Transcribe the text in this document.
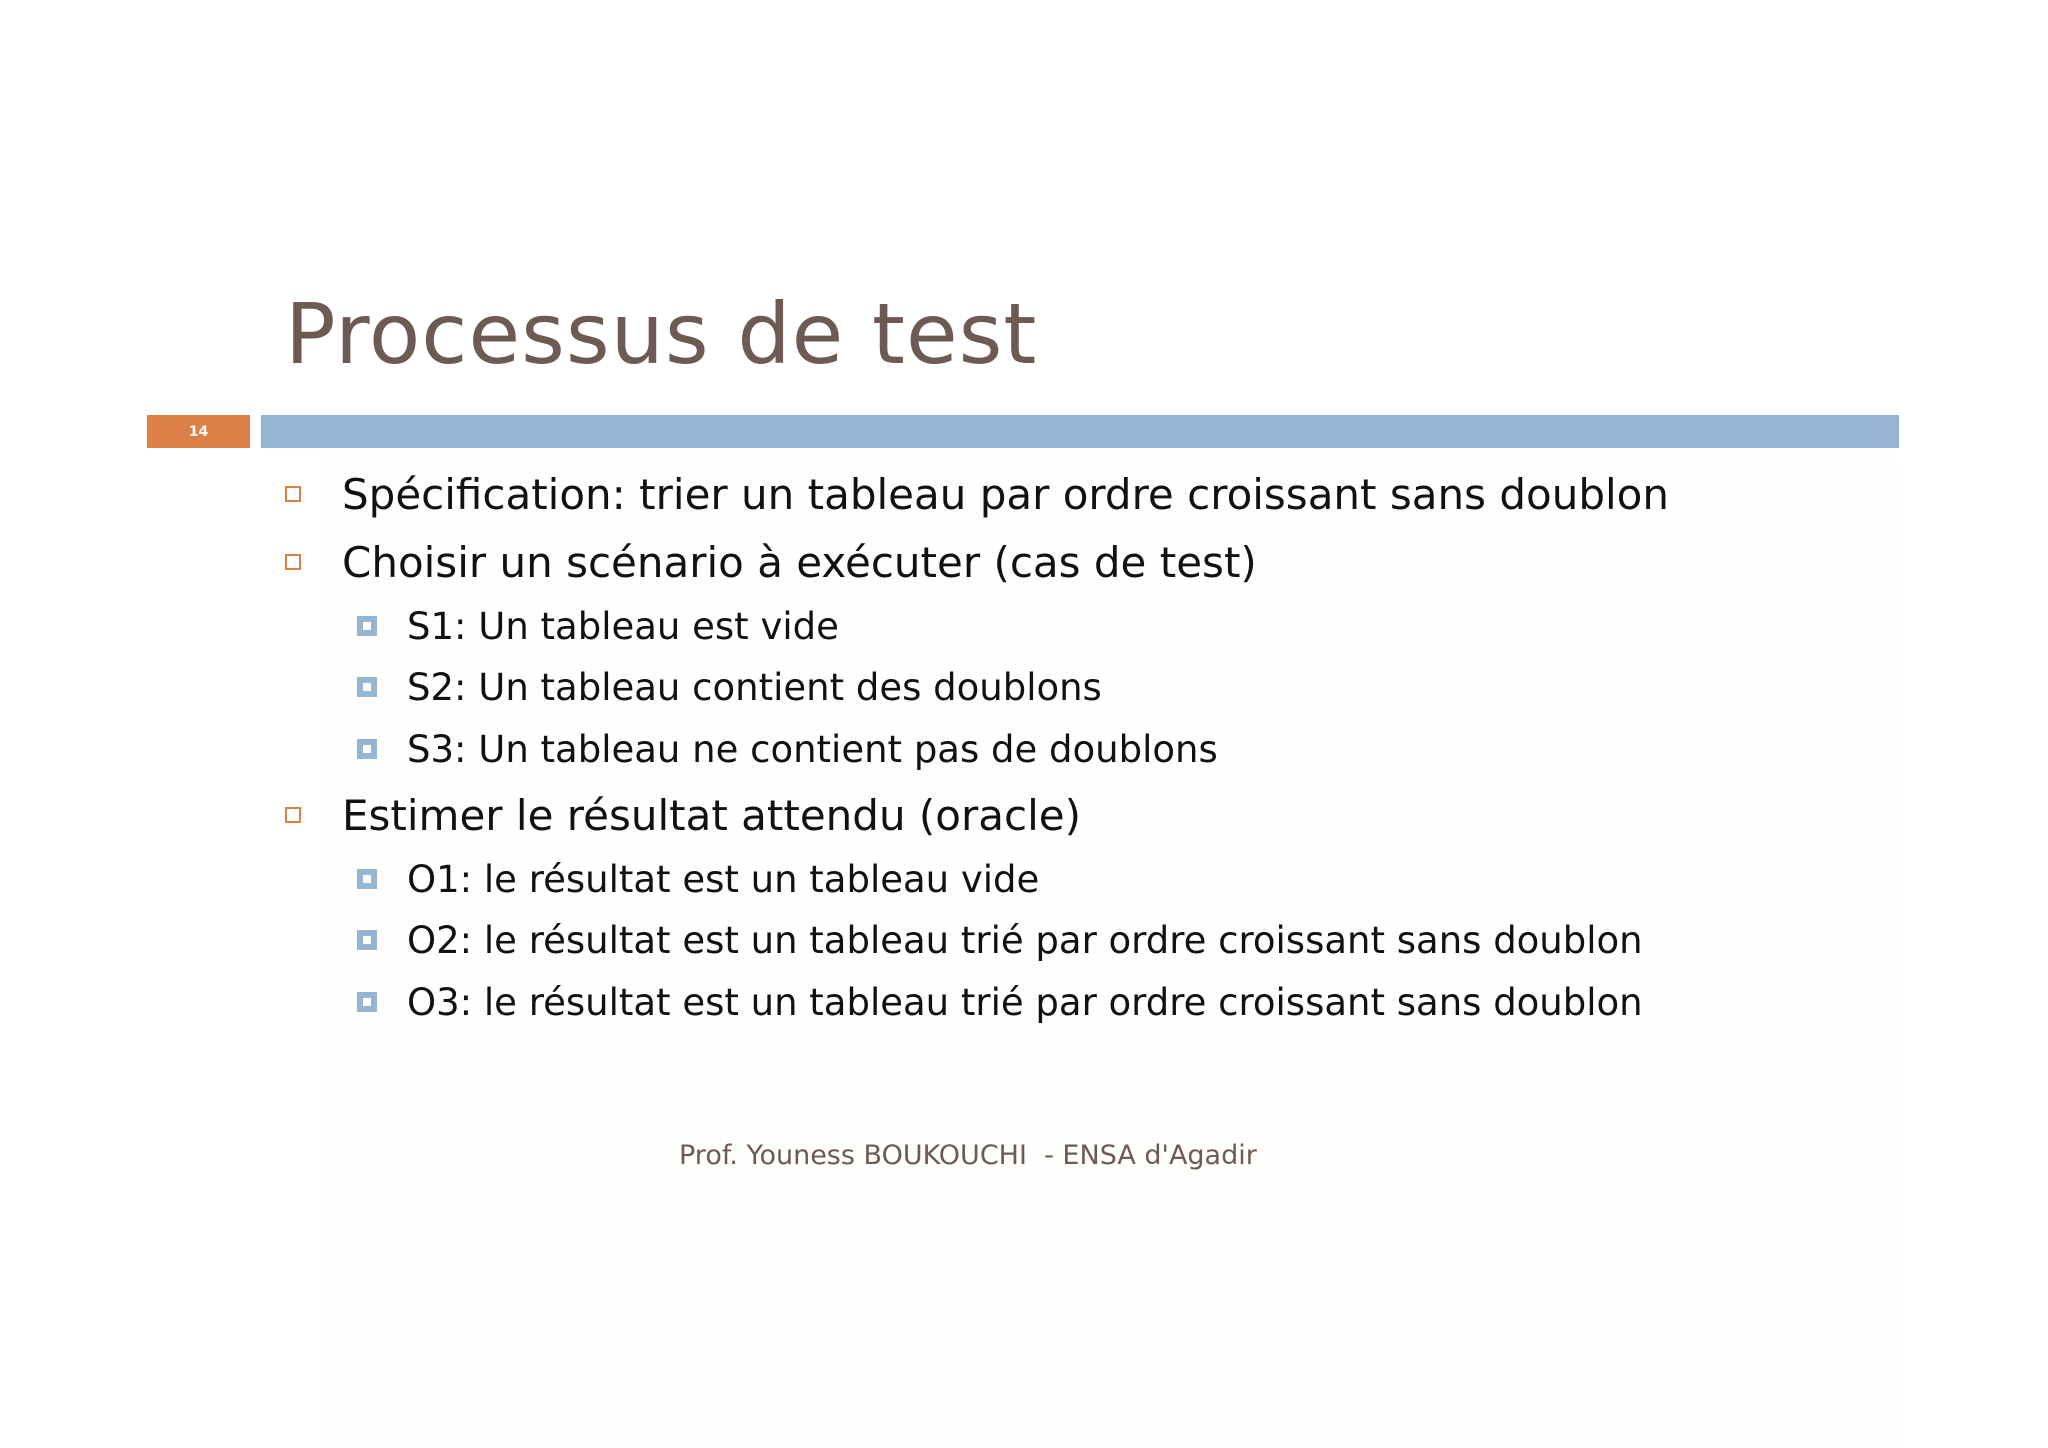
Processus de test
14
Spécification: trier un tableau par ordre croissant sans doublon
Choisir un scénario à exécuter (cas de test)
S1: Un tableau est vide
S2: Un tableau contient des doublons
S3: Un tableau ne contient pas de doublons
Estimer le résultat attendu (oracle)
O1: le résultat est un tableau vide
O2: le résultat est un tableau trié par ordre croissant sans doublon
O3: le résultat est un tableau trié par ordre croissant sans doublon
Prof. Youness BOUKOUCHI  - ENSA d'Agadir
